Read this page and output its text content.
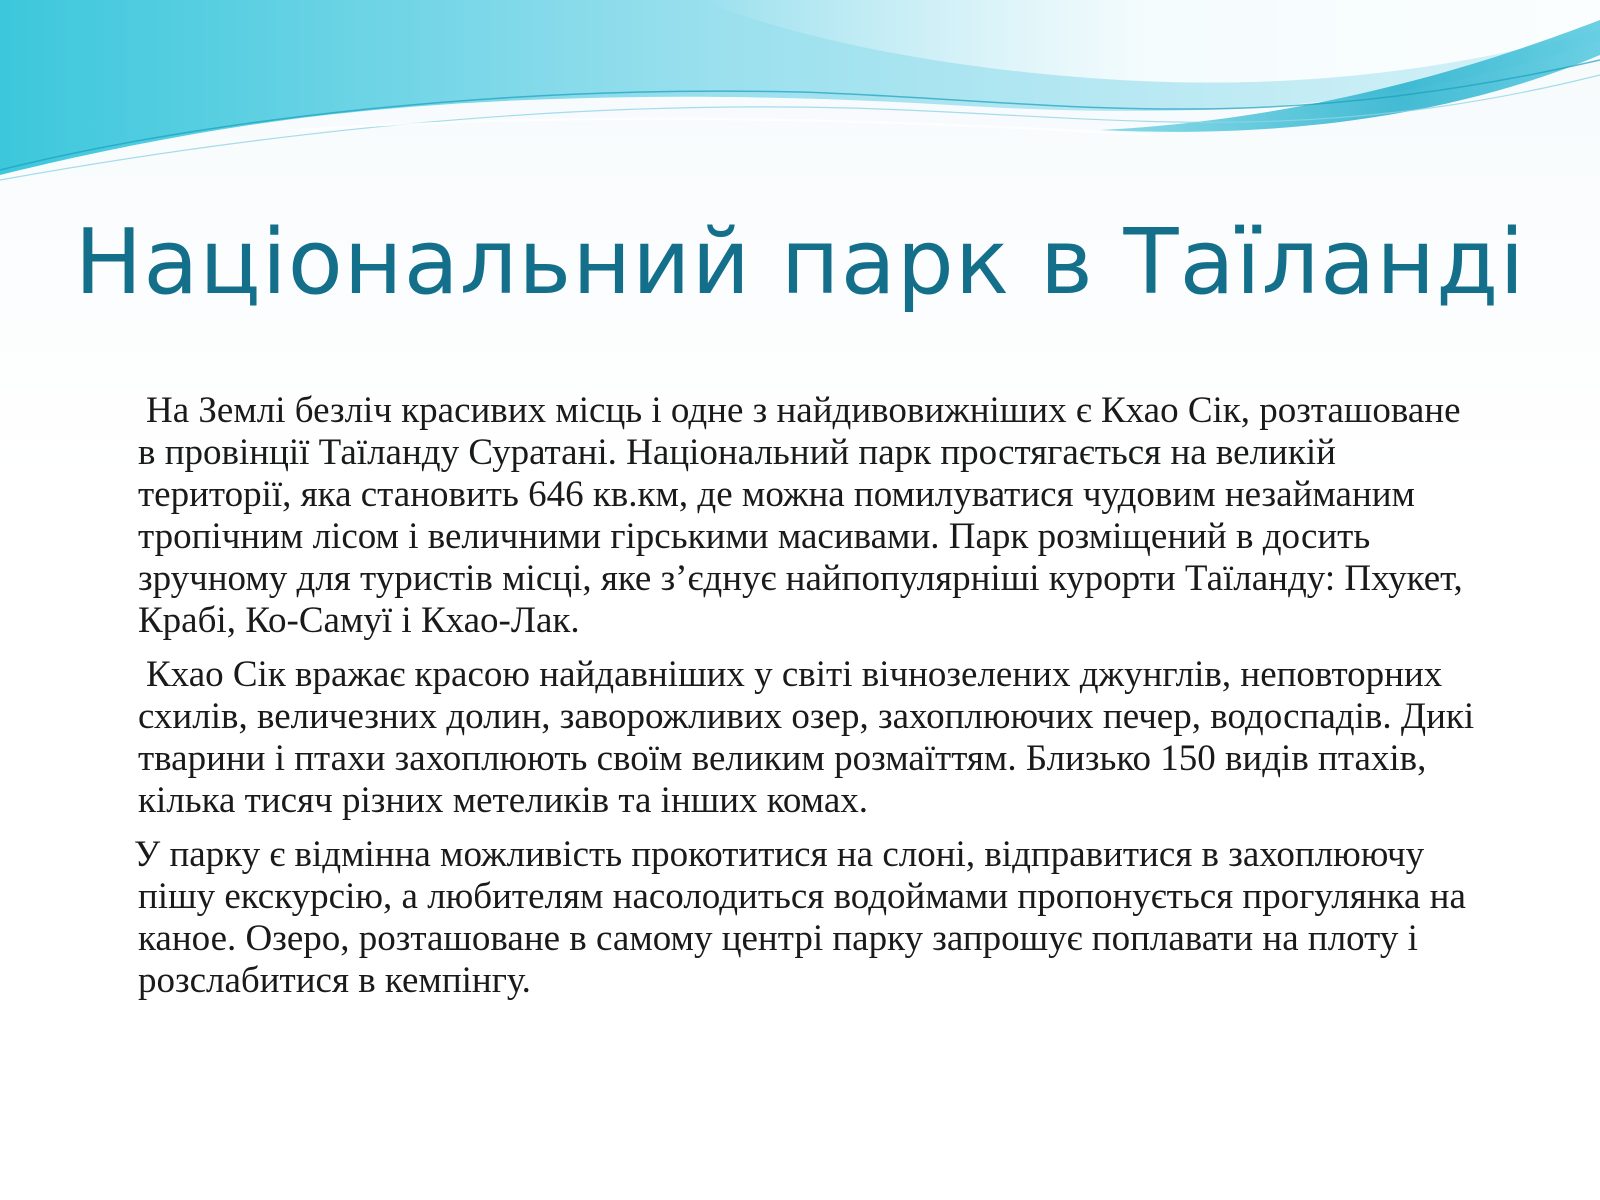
Національний парк в Таїланді

На Землі безліч красивих місць і одне з найдивовижніших є Кхао Сік, розташоване в провінції Таїланду Суратані. Національний парк простягається на великій території, яка становить 646 кв.км, де можна помилуватися чудовим незайманим тропічним лісом і величними гірськими масивами. Парк розміщений в досить зручному для туристів місці, яке з’єднує найпопулярніші курорти Таїланду: Пхукет, Крабі, Ко-Самуї і Кхао-Лак.

Кхао Сік вражає красою найдавніших у світі вічнозелених джунглів, неповторних схилів, величезних долин, заворожливих озер, захоплюючих печер, водоспадів. Дикі тварини і птахи захоплюють своїм великим розмаїттям. Близько 150 видів птахів, кілька тисяч різних метеликів та інших комах.

У парку є відмінна можливість прокотитися на слоні, відправитися в захоплюючу пішу екскурсію, а любителям насолодиться водоймами пропонується прогулянка на каное. Озеро, розташоване в самому центрі парку запрошує поплавати на плоту і розслабитися в кемпінгу.
